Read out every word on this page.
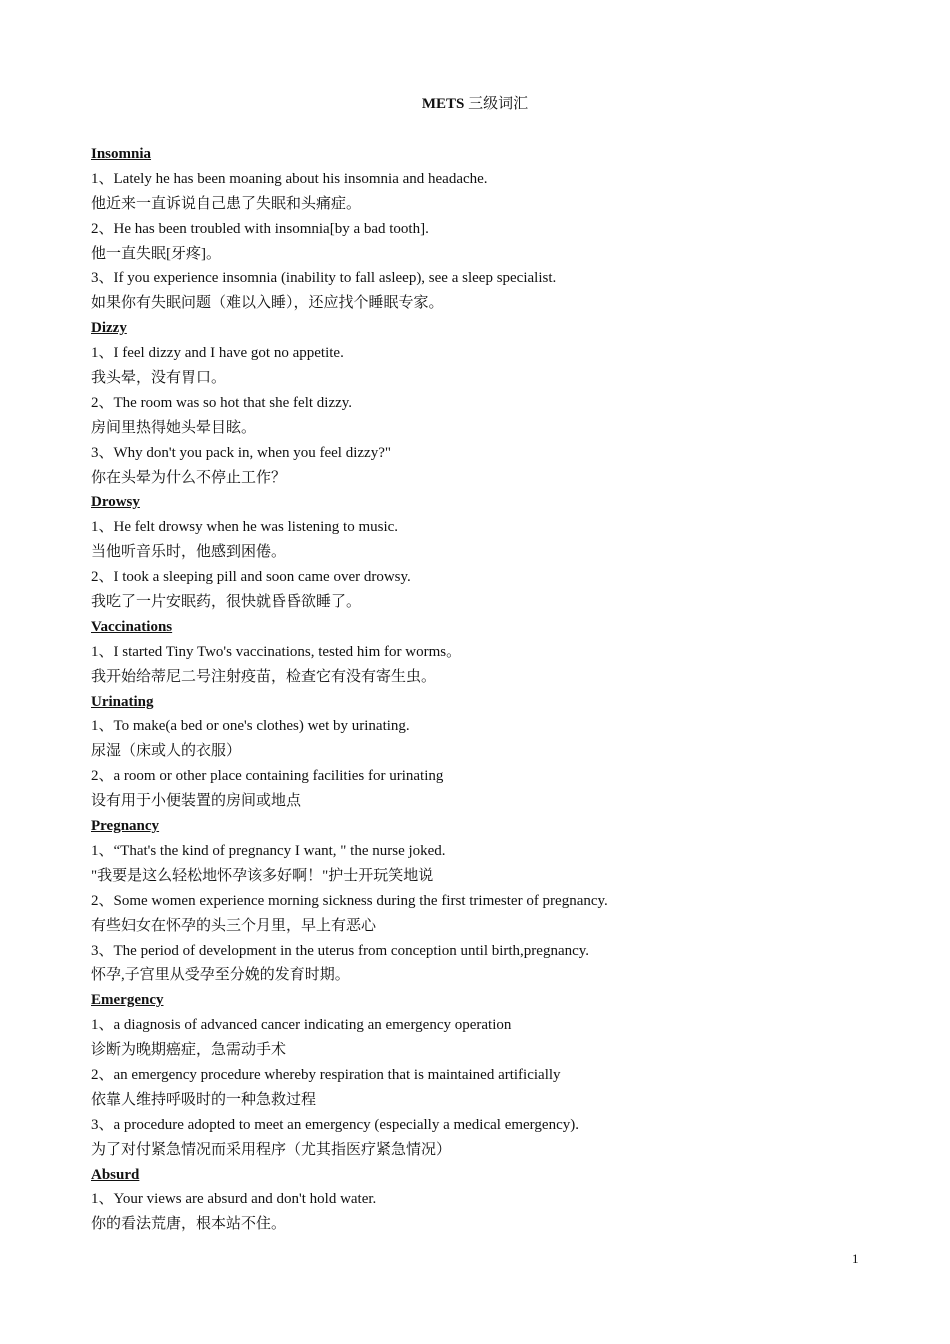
METS 三级词汇
Insomnia
1、Lately he has been moaning about his insomnia and headache.
他近来一直诉说自己患了失眠和头痛症。
2、He has been troubled with insomnia[by a bad tooth].
他一直失眠[牙疼]。
3、If you experience insomnia (inability to fall asleep), see a sleep specialist.
如果你有失眠问题（难以入睡），还应找个睡眠专家。
Dizzy
1、I feel dizzy and I have got no appetite.
我头晕，没有胃口。
2、The room was so hot that she felt dizzy.
房间里热得她头晕目眩。
3、Why don't you pack in, when you feel dizzy?"
你在头晕为什么不停止工作？
Drowsy
1、He felt drowsy when he was listening to music.
当他听音乐时，他感到困倦。
2、I took a sleeping pill and soon came over drowsy.
我吃了一片安眠药，很快就昏昏欲睡了。
Vaccinations
1、I started Tiny Two's vaccinations, tested him for worms。
我开始给蒂尼二号注射疫苗，检查它有没有寄生虫。
Urinating
1、To make(a bed or one's clothes) wet by urinating.
尿湿（床或人的衣服）
2、a room or other place containing facilities for urinating
设有用于小便装置的房间或地点
Pregnancy
1、“That's the kind of pregnancy I want, " the nurse joked.
"我要是这么轻松地怀孕该多好啊！"护士开玩笑地说
2、Some women experience morning sickness during the first trimester of pregnancy.
有些妇女在怀孕的头三个月里，早上有恶心
3、The period of development in the uterus from conception until birth,pregnancy.
怀孕,子宫里从受孕至分娩的发育时期。
Emergency
1、a diagnosis of advanced cancer indicating an emergency operation
诊断为晚期癌症，急需动手术
2、an emergency procedure whereby respiration that is maintained artificially
依靠人维持呼吸时的一种急救过程
3、a procedure adopted to meet an emergency (especially a medical emergency).
为了对付紧急情况而采用程序（尤其指医疗紧急情况）
Absurd
1、Your views are absurd and don't hold water.
你的看法荒唐，根本站不住。
1
